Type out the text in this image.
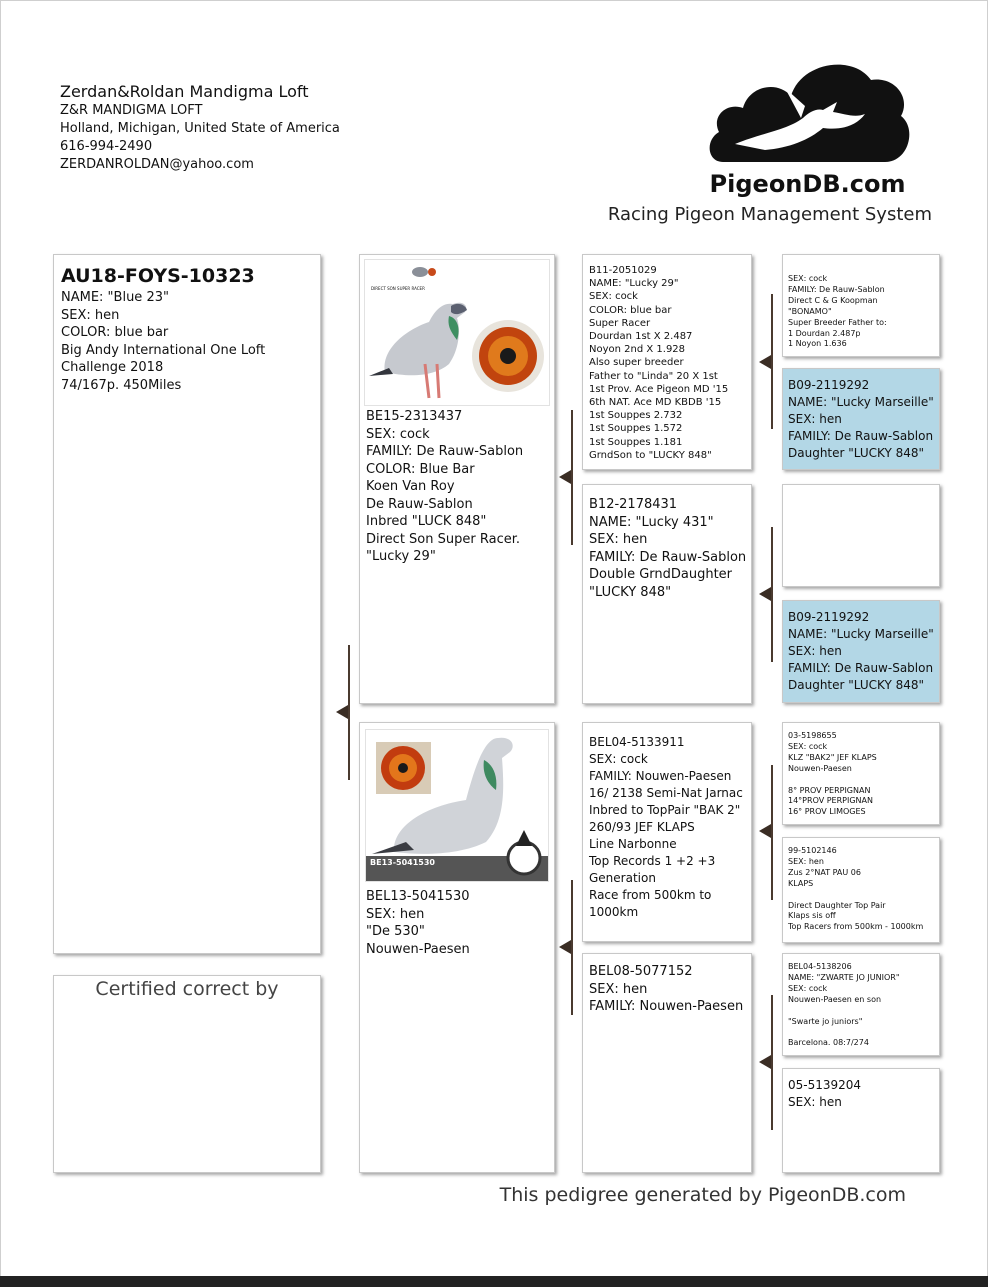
Zerdan&Roldan Mandigma Loft
Z&R MANDIGMA LOFT
Holland, Michigan, United State of America
616-994-2490
ZERDANROLDAN@yahoo.com
PigeonDB.com
Racing Pigeon Management System
AU18-FOYS-10323
NAME: "Blue 23"
SEX: hen
COLOR: blue bar
Big Andy International One Loft
Challenge 2018
74/167p. 450Miles
Certified correct by
DIRECT SON SUPER RACER
BE15-2313437
SEX: cock
FAMILY: De Rauw-Sablon
COLOR: Blue Bar
Koen Van Roy
De Rauw-Sablon
Inbred "LUCK 848"
Direct Son Super Racer.
"Lucky 29"
BE13-5041530
BEL13-5041530
SEX: hen
"De 530"
Nouwen-Paesen
B11-2051029
NAME: "Lucky 29"
SEX: cock
COLOR: blue bar
Super Racer
Dourdan 1st X 2.487
Noyon 2nd X 1.928
Also super breeder
Father to "Linda" 20 X 1st
1st Prov. Ace Pigeon MD '15
6th NAT. Ace MD KBDB '15
1st Souppes 2.732
1st Souppes 1.572
1st Souppes 1.181
GrndSon to "LUCKY 848"
B12-2178431
NAME: "Lucky 431"
SEX: hen
FAMILY: De Rauw-Sablon
Double GrndDaughter
"LUCKY 848"
BEL04-5133911
SEX: cock
FAMILY: Nouwen-Paesen
16/ 2138 Semi-Nat Jarnac
Inbred to TopPair "BAK 2"
260/93 JEF KLAPS
Line Narbonne
Top Records 1 +2 +3
Generation
Race from 500km to
1000km
BEL08-5077152
SEX: hen
FAMILY: Nouwen-Paesen
SEX: cock
FAMILY: De Rauw-Sablon
Direct C & G Koopman
"BONAMO"
Super Breeder Father to:
1 Dourdan 2.487p
1 Noyon 1.636
B09-2119292
NAME: "Lucky Marseille"
SEX: hen
FAMILY: De Rauw-Sablon
Daughter "LUCKY 848"
B09-2119292
NAME: "Lucky Marseille"
SEX: hen
FAMILY: De Rauw-Sablon
Daughter "LUCKY 848"
03-5198655
SEX: cock
KLZ "BAK2" JEF KLAPS
Nouwen-Paesen

8° PROV PERPIGNAN
14°PROV PERPIGNAN
16° PROV LIMOGES
99-5102146
SEX: hen
Zus 2°NAT PAU 06
KLAPS

Direct Daughter Top Pair
Klaps sis off
Top Racers from 500km - 1000km
BEL04-5138206
NAME: "ZWARTE JO JUNIOR"
SEX: cock
Nouwen-Paesen en son

"Swarte jo juniors"

Barcelona. 08:7/274
05-5139204
SEX: hen
This pedigree generated by PigeonDB.com
